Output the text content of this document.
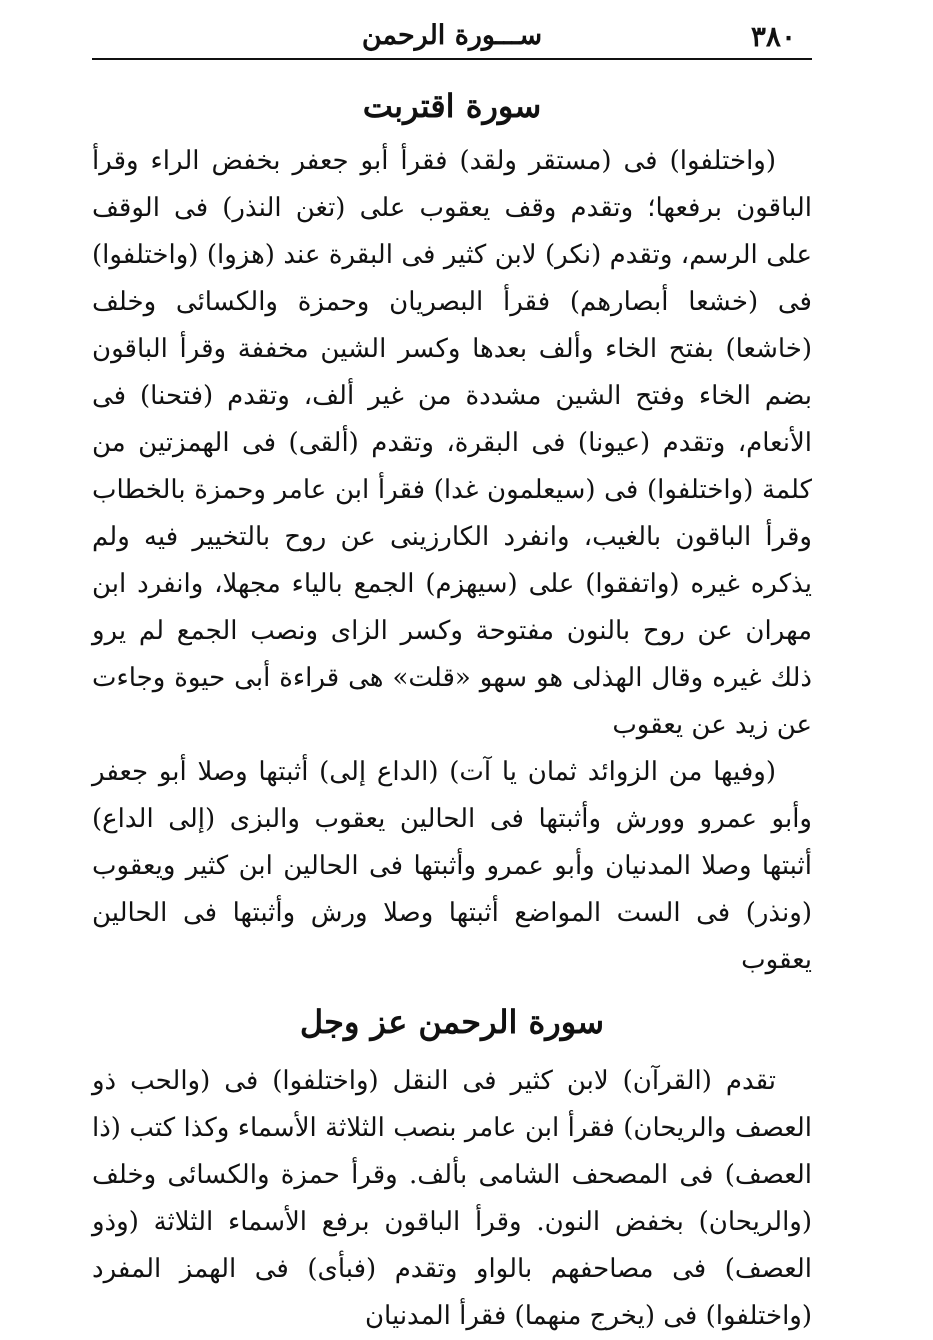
٣٨٠
ســـورة الرحمن
سورة اقتربت

(واختلفوا) فى (مستقر ولقد) فقرأ أبو جعفر بخفض الراء وقرأ الباقون برفعها؛ وتقدم وقف يعقوب على (تغن النذر) فى الوقف على الرسم، وتقدم (نكر) لابن كثير فى البقرة عند (هزوا) (واختلفوا) فى (خشعا أبصارهم) فقرأ البصريان وحمزة والكسائى وخلف (خاشعا) بفتح الخاء وألف بعدها وكسر الشين مخففة وقرأ الباقون بضم الخاء وفتح الشين مشددة من غير ألف، وتقدم (فتحنا) فى الأنعام، وتقدم (عيونا) فى البقرة، وتقدم (ألقى) فى الهمزتين من كلمة (واختلفوا) فى (سيعلمون غدا) فقرأ ابن عامر وحمزة بالخطاب وقرأ الباقون بالغيب، وانفرد الكارزينى عن روح بالتخيير فيه ولم يذكره غيره (واتفقوا) على (سيهزم) الجمع بالياء مجهلا، وانفرد ابن مهران عن روح بالنون مفتوحة وكسر الزاى ونصب الجمع لم يرو ذلك غيره وقال الهذلى هو سهو «قلت» هى قراءة أبى حيوة وجاءت عن زيد عن يعقوب

(وفيها من الزوائد ثمان يا آت) (الداع إلى) أثبتها وصلا أبو جعفر وأبو عمرو وورش وأثبتها فى الحالين يعقوب والبزى (إلى الداع) أثبتها وصلا المدنيان وأبو عمرو وأثبتها فى الحالين ابن كثير ويعقوب (ونذر) فى الست المواضع أثبتها وصلا ورش وأثبتها فى الحالين يعقوب

سورة الرحمن عز وجل

تقدم (القرآن) لابن كثير فى النقل (واختلفوا) فى (والحب ذو العصف والريحان) فقرأ ابن عامر بنصب الثلاثة الأسماء وكذا كتب (ذا العصف) فى المصحف الشامى بألف. وقرأ حمزة والكسائى وخلف (والريحان) بخفض النون. وقرأ الباقون برفع الأسماء الثلاثة (وذو العصف) فى مصاحفهم بالواو وتقدم (فبأى) فى الهمز المفرد (واختلفوا) فى (يخرج منهما) فقرأ المدنيان
